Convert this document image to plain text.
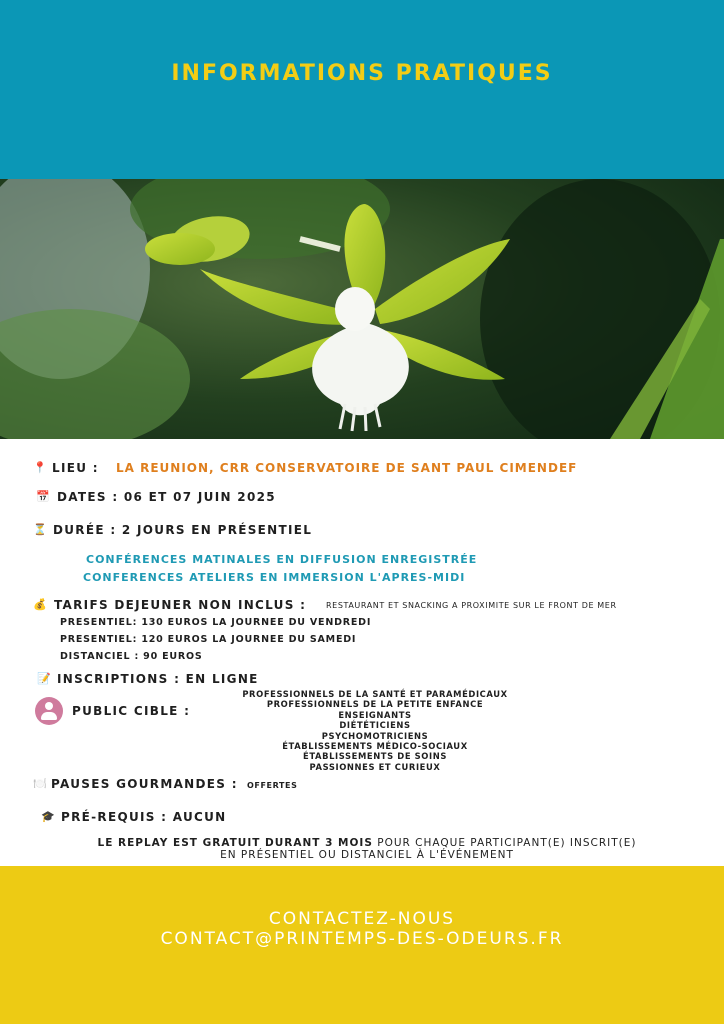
INFORMATIONS PRATIQUES
📍 LIEU : LA REUNION, CRR CONSERVATOIRE DE SANT PAUL CIMENDEF
📅 DATES : 06 ET 07 JUIN 2025
⏳ DURÉE : 2 JOURS EN PRÉSENTIEL
CONFÉRENCES MATINALES EN DIFFUSION ENREGISTRÉE
CONFERENCES ATELIERS EN IMMERSION L'APRES-MIDI
💰 TARIFS DEJEUNER NON INCLUS : RESTAURANT ET SNACKING A PROXIMITE SUR LE FRONT DE MER
PRESENTIEL: 130 EUROS LA JOURNEE DU VENDREDI
PRESENTIEL: 120 EUROS LA JOURNEE DU SAMEDI
DISTANCIEL : 90 EUROS
📝 INSCRIPTIONS : EN LIGNE
PUBLIC CIBLE :
PROFESSIONNELS DE LA SANTÉ ET PARAMÉDICAUX
PROFESSIONNELS DE LA PETITE ENFANCE
ENSEIGNANTS
DIÉTÉTICIENS
PSYCHOMOTRICIENS
ÉTABLISSEMENTS MÉDICO-SOCIAUX
ÉTABLISSEMENTS DE SOINS
PASSIONNES ET CURIEUX
🍽️ PAUSES GOURMANDES : OFFERTES
🎓 PRÉ-REQUIS : AUCUN
LE REPLAY EST GRATUIT DURANT 3 MOIS POUR CHAQUE PARTICIPANT(E) INSCRIT(E)
EN PRÉSENTIEL OU DISTANCIEL À L'ÉVÉNEMENT
CONTACTEZ-NOUS
CONTACT@PRINTEMPS-DES-ODEURS.FR
